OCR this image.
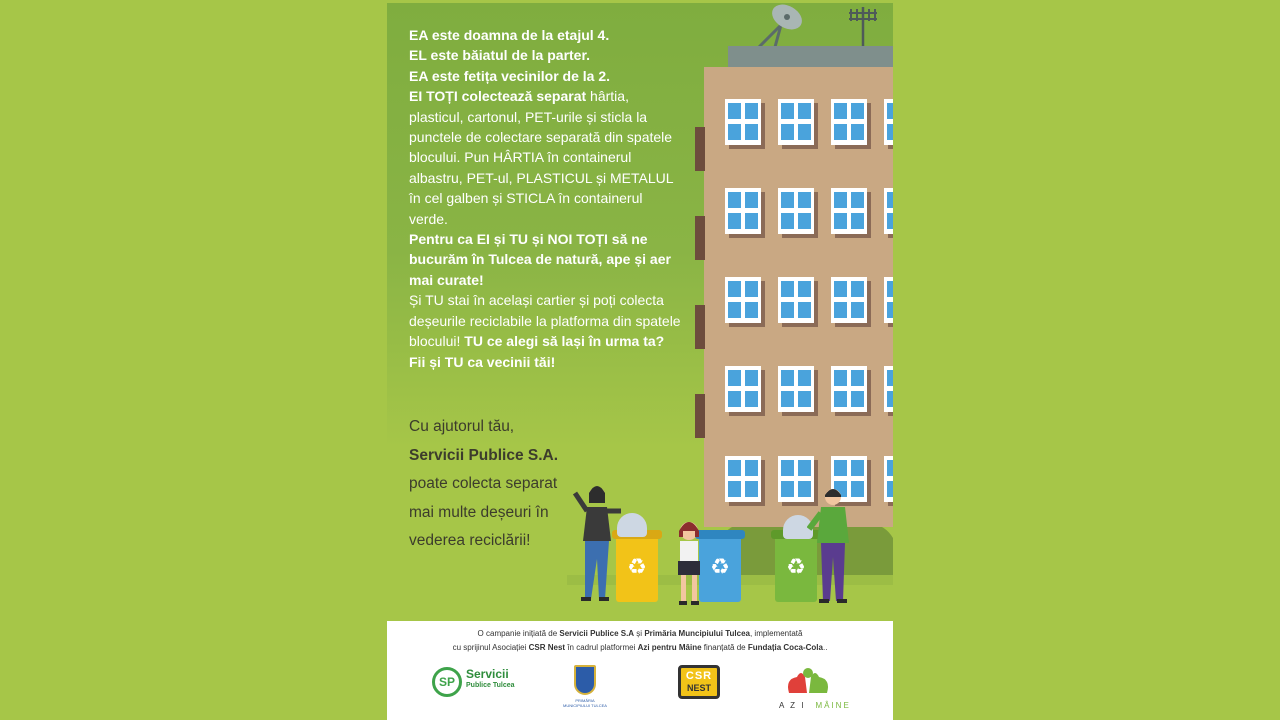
♻	♻	♻

EA este doamna de la etajul 4.

EL este băiatul de la parter.

EA este fetița vecinilor de la 2.

EI TOȚI colectează separat hârtia, plasticul, cartonul, PET-urile și sticla la punctele de colectare separată din spatele blocului. Pun HÂRTIA în containerul albastru, PET-ul, PLASTICUL și METALUL în cel galben și STICLA în containerul verde.

Pentru ca EI și TU și NOI TOȚI să ne bucurăm în Tulcea de natură, ape și aer mai curate!

Și TU stai în același cartier și poți colecta deșeurile reciclabile la platforma din spatele blocului! TU ce alegi să lași în urma ta?

Fii și TU ca vecinii tăi!

Cu ajutorul tău,

Servicii Publice S.A.

poate colecta separat

mai multe deșeuri în

vederea reciclării!

O campanie inițiată de Servicii Publice S.A și Primăria Muncipiului Tulcea, implementată
cu sprijinul Asociației CSR Nest în cadrul platformei Azi pentru Mâine finanțată de Fundația Coca-Cola..
SP
Servicii
Publice Tulcea
PRIMĂRIA MUNICIPIULUI TULCEA
CSR
NEST
A Z I MÂINE
